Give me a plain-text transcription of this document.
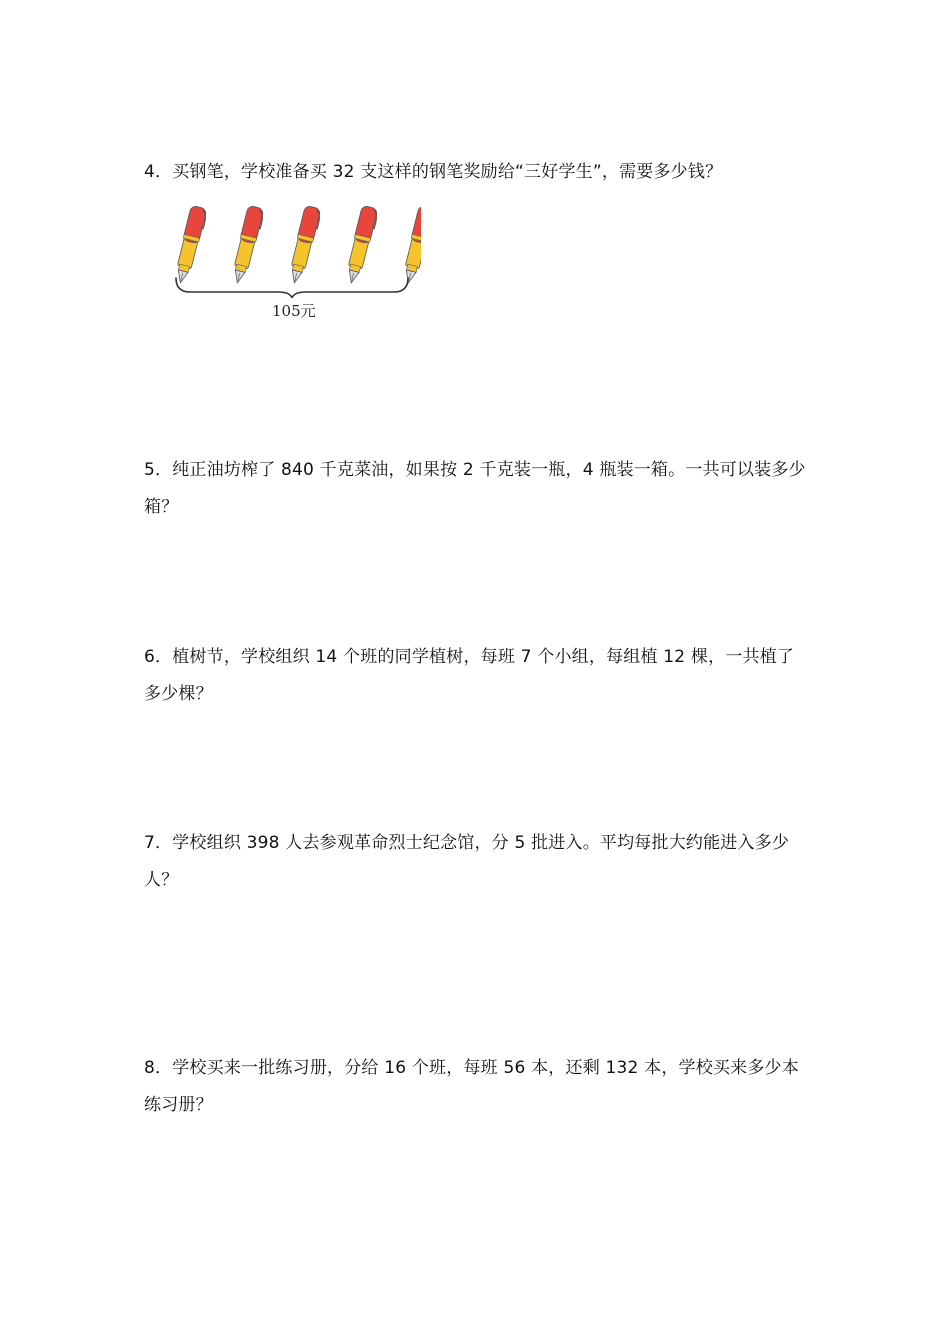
4．买钢笔，学校准备买 32 支这样的钢笔奖励给“三好学生”，需要多少钱？
105元
5．纯正油坊榨了 840 千克菜油，如果按 2 千克装一瓶，4 瓶装一箱。一共可以装多少箱？
6．植树节，学校组织 14 个班的同学植树，每班 7 个小组，每组植 12 棵，一共植了多少棵？
7．学校组织 398 人去参观革命烈士纪念馆，分 5 批进入。平均每批大约能进入多少人？
8．学校买来一批练习册，分给 16 个班，每班 56 本，还剩 132 本，学校买来多少本练习册？
